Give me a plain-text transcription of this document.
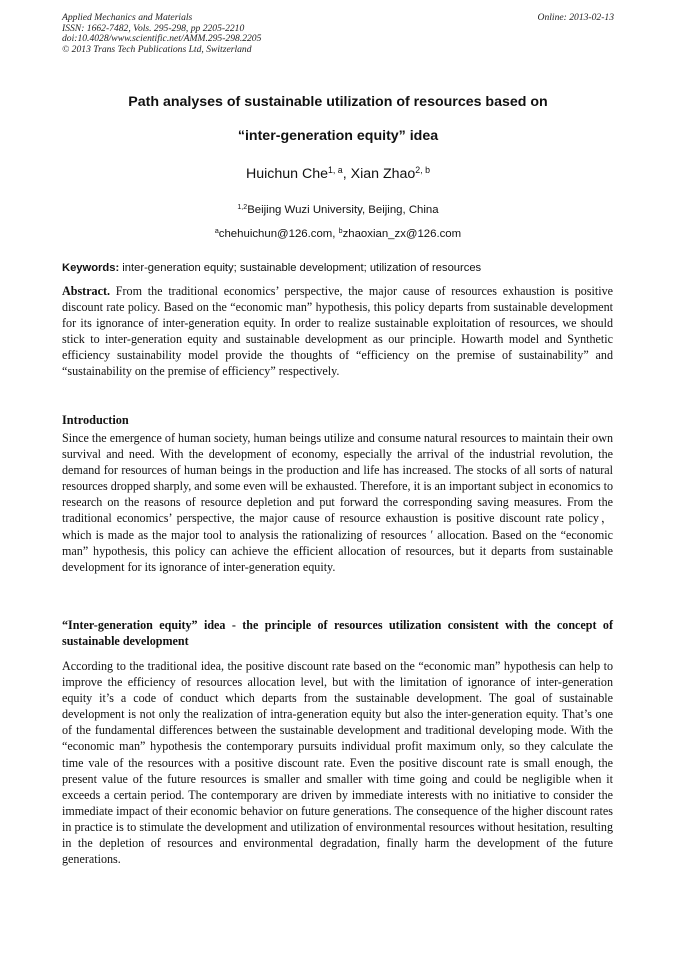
Applied Mechanics and Materials
ISSN: 1662-7482, Vols. 295-298, pp 2205-2210
doi:10.4028/www.scientific.net/AMM.295-298.2205
© 2013 Trans Tech Publications Ltd, Switzerland
Online: 2013-02-13
Path analyses of sustainable utilization of resources based on
“inter-generation equity” idea
Huichun Che$^{1, a}$, Xian Zhao$^{2, b}$
$^{1,2}$Beijing Wuzi University, Beijing, China
$^a$chehuichun@126.com, $^b$zhaoxian_zx@126.com
Keywords: inter-generation equity; sustainable development; utilization of resources
Abstract. From the traditional economics’ perspective, the major cause of resources exhaustion is positive discount rate policy. Based on the “economic man” hypothesis, this policy departs from sustainable development for its ignorance of inter-generation equity. In order to realize sustainable exploitation of resources, we should stick to inter-generation equity and sustainable development as our principle. Howarth model and Synthetic efficiency sustainability model provide the thoughts of “efficiency on the premise of sustainability” and “sustainability on the premise of efficiency” respectively.
Introduction
Since the emergence of human society, human beings utilize and consume natural resources to maintain their own survival and need. With the development of economy, especially the arrival of the industrial revolution, the demand for resources of human beings in the production and life has increased. The stocks of all sorts of natural resources dropped sharply, and some even will be exhausted. Therefore, it is an important subject in economics to research on the reasons of resource depletion and put forward the corresponding saving measures. From the traditional economics’ perspective, the major cause of resource exhaustion is positive discount rate policy，which is made as the major tool to analysis the rationalizing of resources ′ allocation. Based on the “economic man” hypothesis, this policy can achieve the efficient allocation of resources, but it departs from sustainable development for its ignorance of inter-generation equity.
“Inter-generation equity” idea - the principle of resources utilization consistent with the concept of sustainable development
According to the traditional idea, the positive discount rate based on the “economic man” hypothesis can help to improve the efficiency of resources allocation level, but with the limitation of ignorance of inter-generation equity it’s a code of conduct which departs from the sustainable development. The goal of sustainable development is not only the realization of intra-generation equity but also the inter-generation equity. That’s one of the fundamental differences between the sustainable development and traditional developing mode. With the “economic man” hypothesis the contemporary pursuits individual profit maximum only, so they calculate the time vale of the resources with a positive discount rate. Even the positive discount rate is small enough, the present value of the future resources is smaller and smaller with time going and could be negligible when it exceeds a certain period. The contemporary are driven by immediate interests with no initiative to consider the immediate impact of their economic behavior on future generations. The consequence of the higher discount rates in practice is to stimulate the development and utilization of environmental resources without hesitation, resulting in the depletion of resources and environmental degradation, finally harm the development of the future generations.
